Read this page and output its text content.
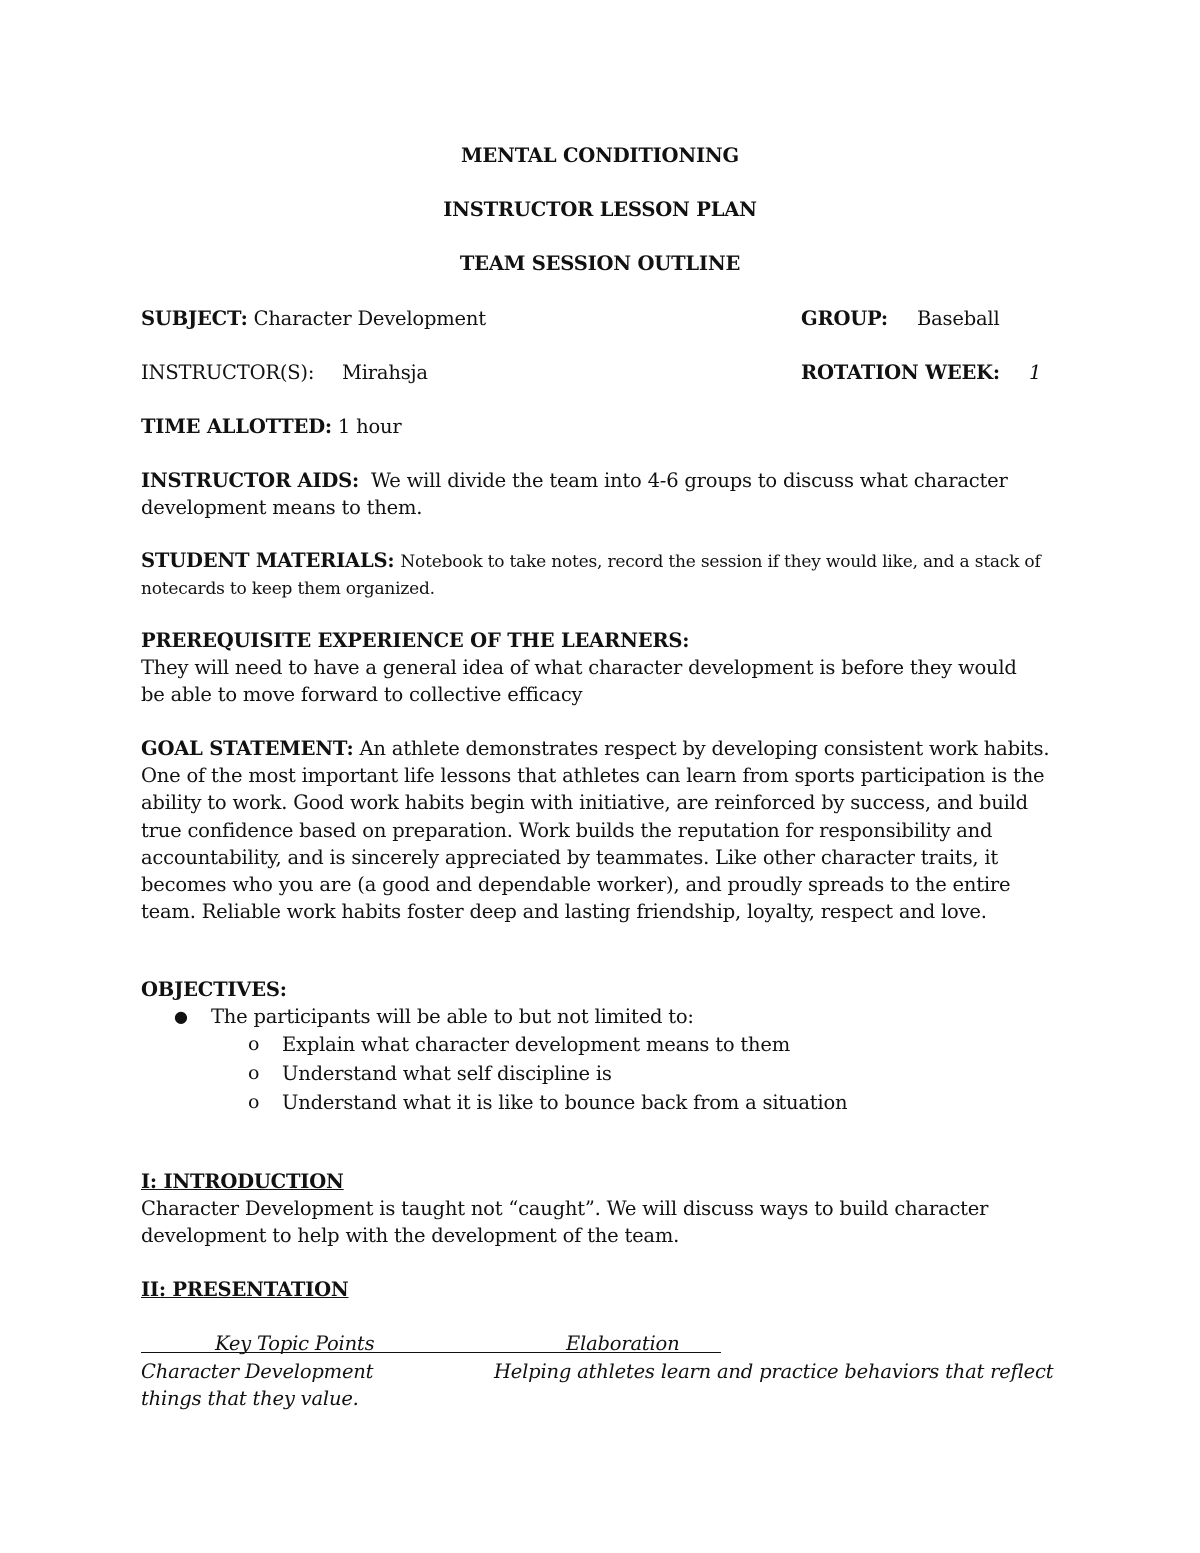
MENTAL CONDITIONING
INSTRUCTOR LESSON PLAN
TEAM SESSION OUTLINE
SUBJECT: Character Development	GROUP: Baseball
INSTRUCTOR(S): Mirahsja	ROTATION WEEK: 1
TIME ALLOTTED: 1 hour
INSTRUCTOR AIDS: We will divide the team into 4-6 groups to discuss what character development means to them.
STUDENT MATERIALS: Notebook to take notes, record the session if they would like, and a stack of notecards to keep them organized.
PREREQUISITE EXPERIENCE OF THE LEARNERS:
They will need to have a general idea of what character development is before they would be able to move forward to collective efficacy
GOAL STATEMENT: An athlete demonstrates respect by developing consistent work habits. One of the most important life lessons that athletes can learn from sports participation is the ability to work. Good work habits begin with initiative, are reinforced by success, and build true confidence based on preparation. Work builds the reputation for responsibility and accountability, and is sincerely appreciated by teammates. Like other character traits, it becomes who you are (a good and dependable worker), and proudly spreads to the entire team. Reliable work habits foster deep and lasting friendship, loyalty, respect and love.
OBJECTIVES:
● The participants will be able to but not limited to:
o Explain what character development means to them
o Understand what self discipline is
o Understand what it is like to bounce back from a situation
I: INTRODUCTION
Character Development is taught not “caught”. We will discuss ways to build character development to help with the development of the team.
II: PRESENTATION
Key Topic Points	Elaboration
Character Development	Helping athletes learn and practice behaviors that reflect
things that they value.
